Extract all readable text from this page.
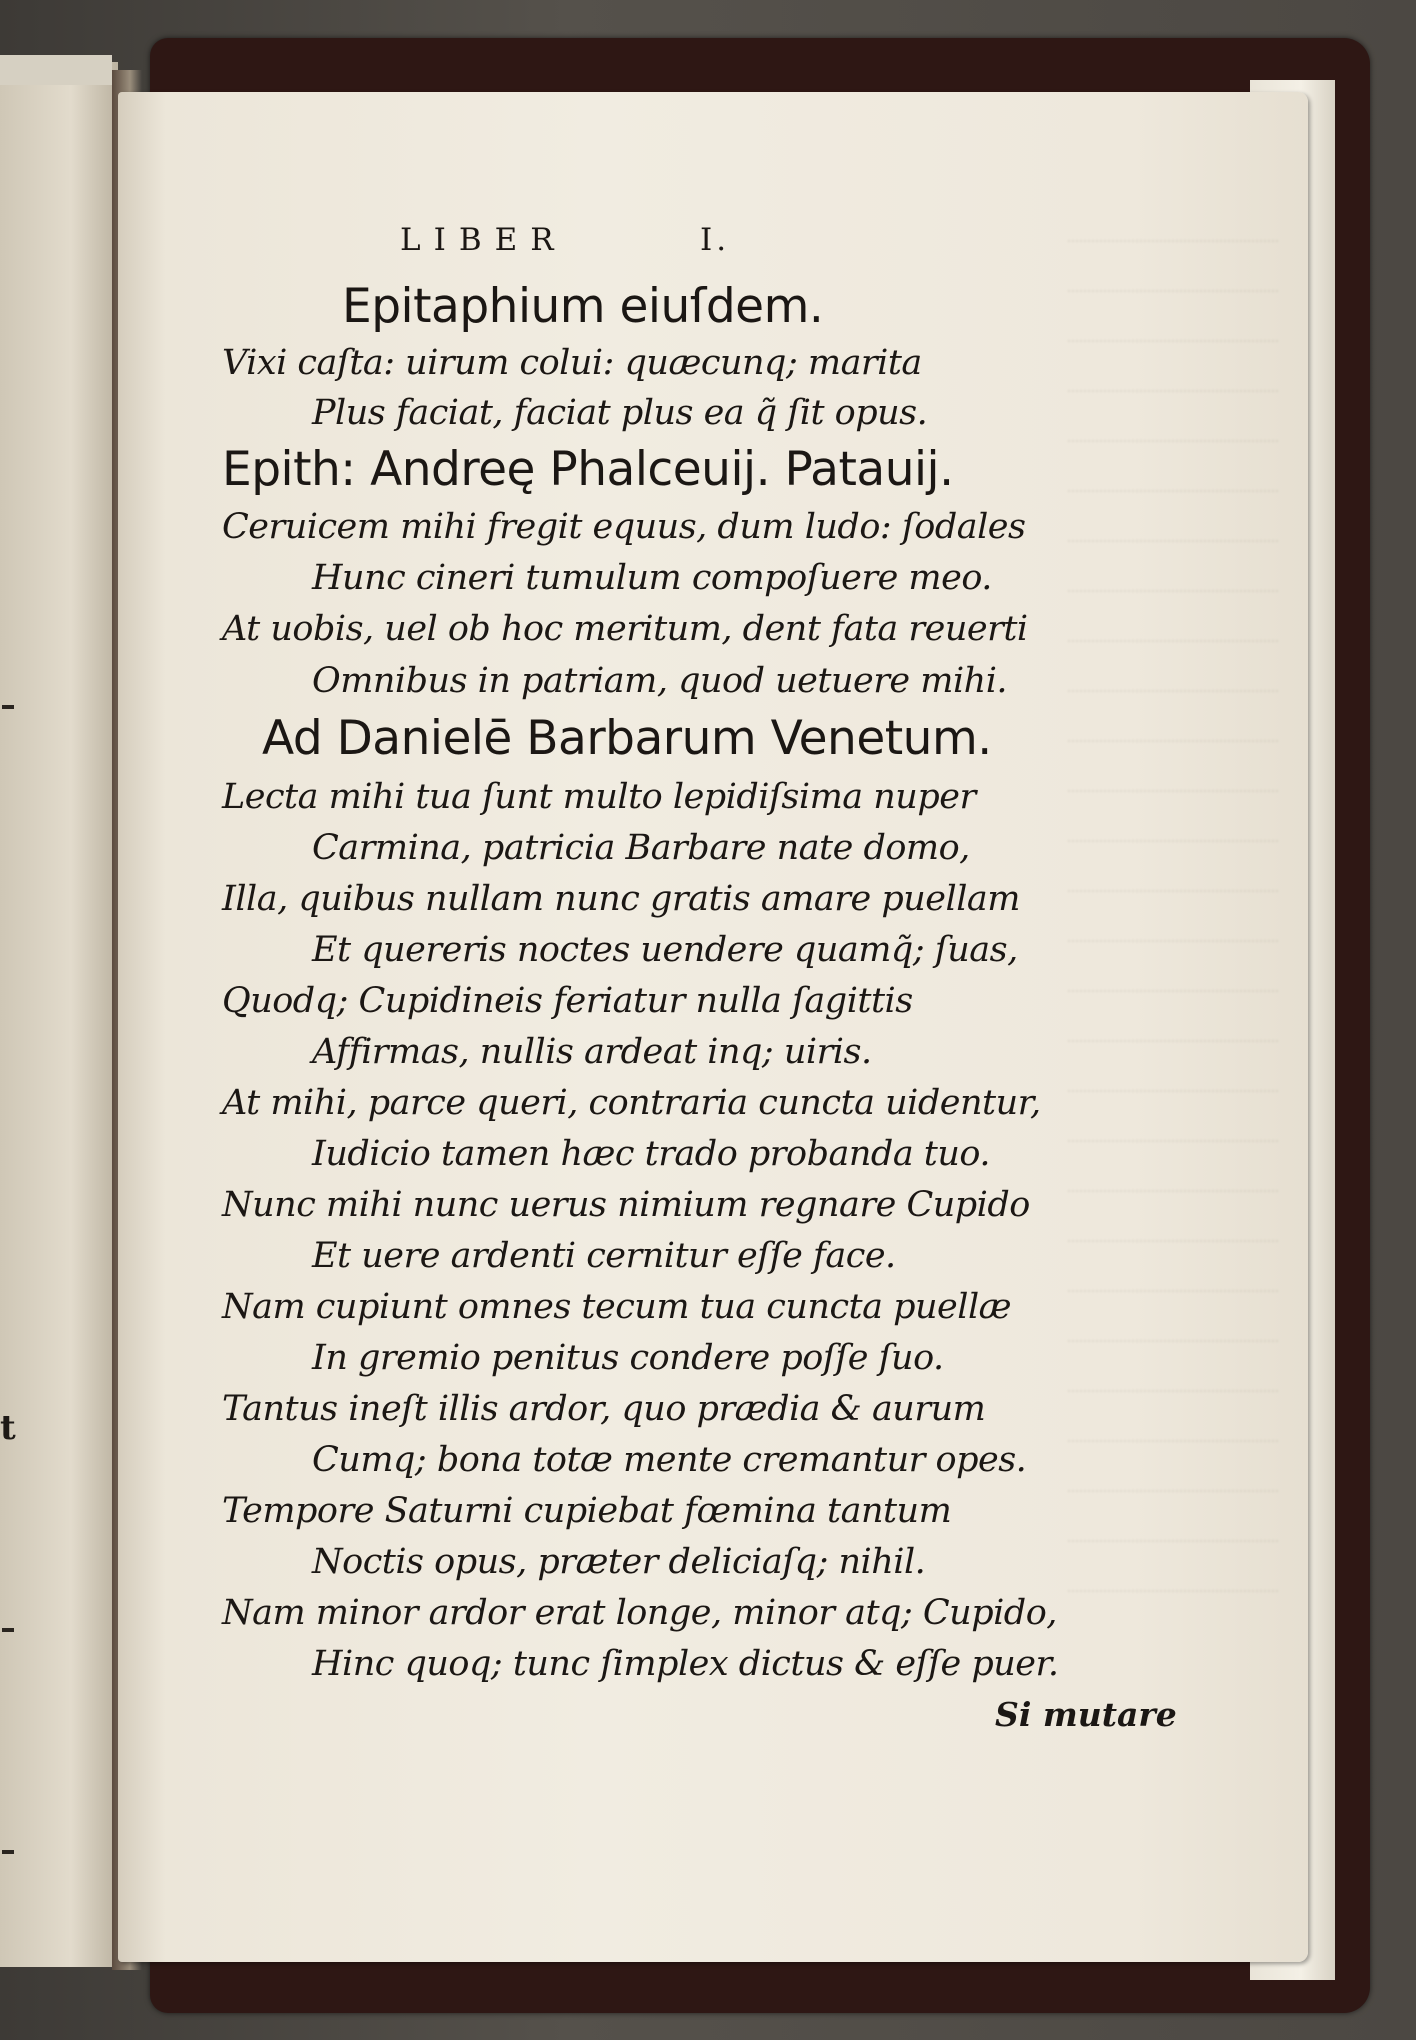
t
LIBER	I.
Epitaphium eiuſdem.
Vixi caſta: uirum colui: quæcunq; marita
Plus faciat, faciat plus ea q̃ ſit opus.
Epith: Andreę Phalceuij. Patauij.
Ceruicem mihi fregit equus, dum ludo: ſodales
Hunc cineri tumulum compoſuere meo.
At uobis, uel ob hoc meritum, dent fata reuerti
Omnibus in patriam, quod uetuere mihi.
Ad Danielē Barbarum Venetum.
Lecta mihi tua ſunt multo lepidiſsima nuper
Carmina, patricia Barbare nate domo,
Illa, quibus nullam nunc gratis amare puellam
Et quereris noctes uendere quamq̃; ſuas,
Quodq; Cupidineis feriatur nulla ſagittis
Affirmas, nullis ardeat inq; uiris.
At mihi, parce queri, contraria cuncta uidentur,
Iudicio tamen hæc trado probanda tuo.
Nunc mihi nunc uerus nimium regnare Cupido
Et uere ardenti cernitur eſſe face.
Nam cupiunt omnes tecum tua cuncta puellæ
In gremio penitus condere poſſe ſuo.
Tantus ineſt illis ardor, quo prædia & aurum
Cumq; bona totæ mente cremantur opes.
Tempore Saturni cupiebat fœmina tantum
Noctis opus, præter deliciaſq; nihil.
Nam minor ardor erat longe, minor atq; Cupido,
Hinc quoq; tunc ſimplex dictus & eſſe puer.
Si mutare
